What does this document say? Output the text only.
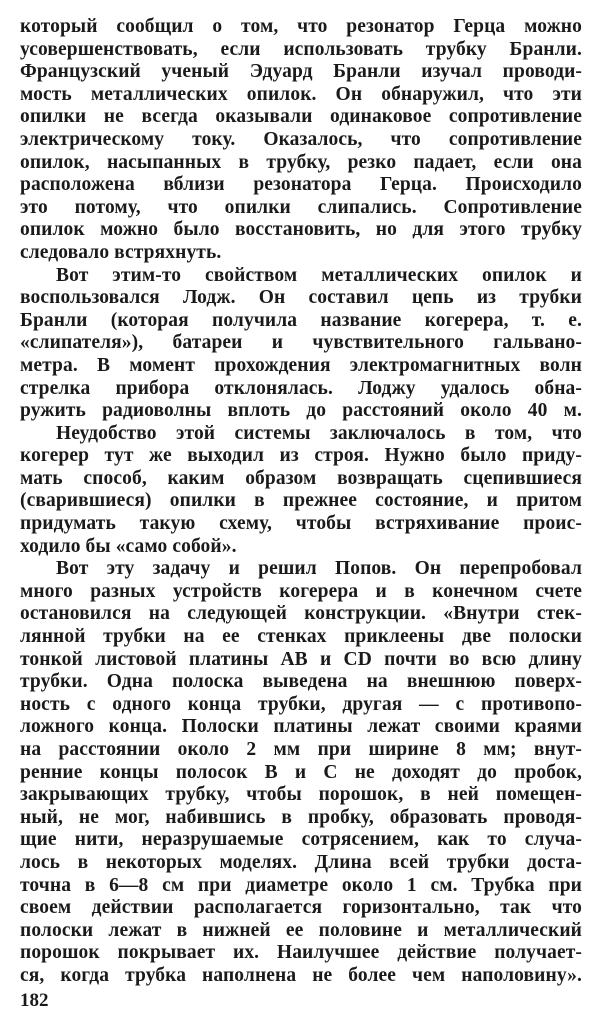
который сообщил о том, что резонатор Герца можно
усовершенствовать, если использовать трубку Бранли.
Французский ученый Эдуард Бранли изучал проводи-
мость металлических опилок. Он обнаружил, что эти
опилки не всегда оказывали одинаковое сопротивление
электрическому току. Оказалось, что сопротивление
опилок, насыпанных в трубку, резко падает, если она
расположена вблизи резонатора Герца. Происходило
это потому, что опилки слипались. Сопротивление
опилок можно было восстановить, но для этого трубку
следовало встряхнуть.
Вот этим-то свойством металлических опилок и
воспользовался Лодж. Он составил цепь из трубки
Бранли (которая получила название когерера, т. е.
«слипателя»), батареи и чувствительного гальвано-
метра. В момент прохождения электромагнитных волн
стрелка прибора отклонялась. Лоджу удалось обна-
ружить радиоволны вплоть до расстояний около 40 м.
Неудобство этой системы заключалось в том, что
когерер тут же выходил из строя. Нужно было приду-
мать способ, каким образом возвращать сцепившиеся
(сварившиеся) опилки в прежнее состояние, и притом
придумать такую схему, чтобы встряхивание проис-
ходило бы «само собой».
Вот эту задачу и решил Попов. Он перепробовал
много разных устройств когерера и в конечном счете
остановился на следующей конструкции. «Внутри стек-
лянной трубки на ее стенках приклеены две полоски
тонкой листовой платины AB и CD почти во всю длину
трубки. Одна полоска выведена на внешнюю поверх-
ность с одного конца трубки, другая — с противопо-
ложного конца. Полоски платины лежат своими краями
на расстоянии около 2 мм при ширине 8 мм; внут-
ренние концы полосок B и C не доходят до пробок,
закрывающих трубку, чтобы порошок, в ней помещен-
ный, не мог, набившись в пробку, образовать проводя-
щие нити, неразрушаемые сотрясением, как то случа-
лось в некоторых моделях. Длина всей трубки доста-
точна в 6—8 см при диаметре около 1 см. Трубка при
своем действии располагается горизонтально, так что
полоски лежат в нижней ее половине и металлический
порошок покрывает их. Наилучшее действие получает-
ся, когда трубка наполнена не более чем наполовину».
182
